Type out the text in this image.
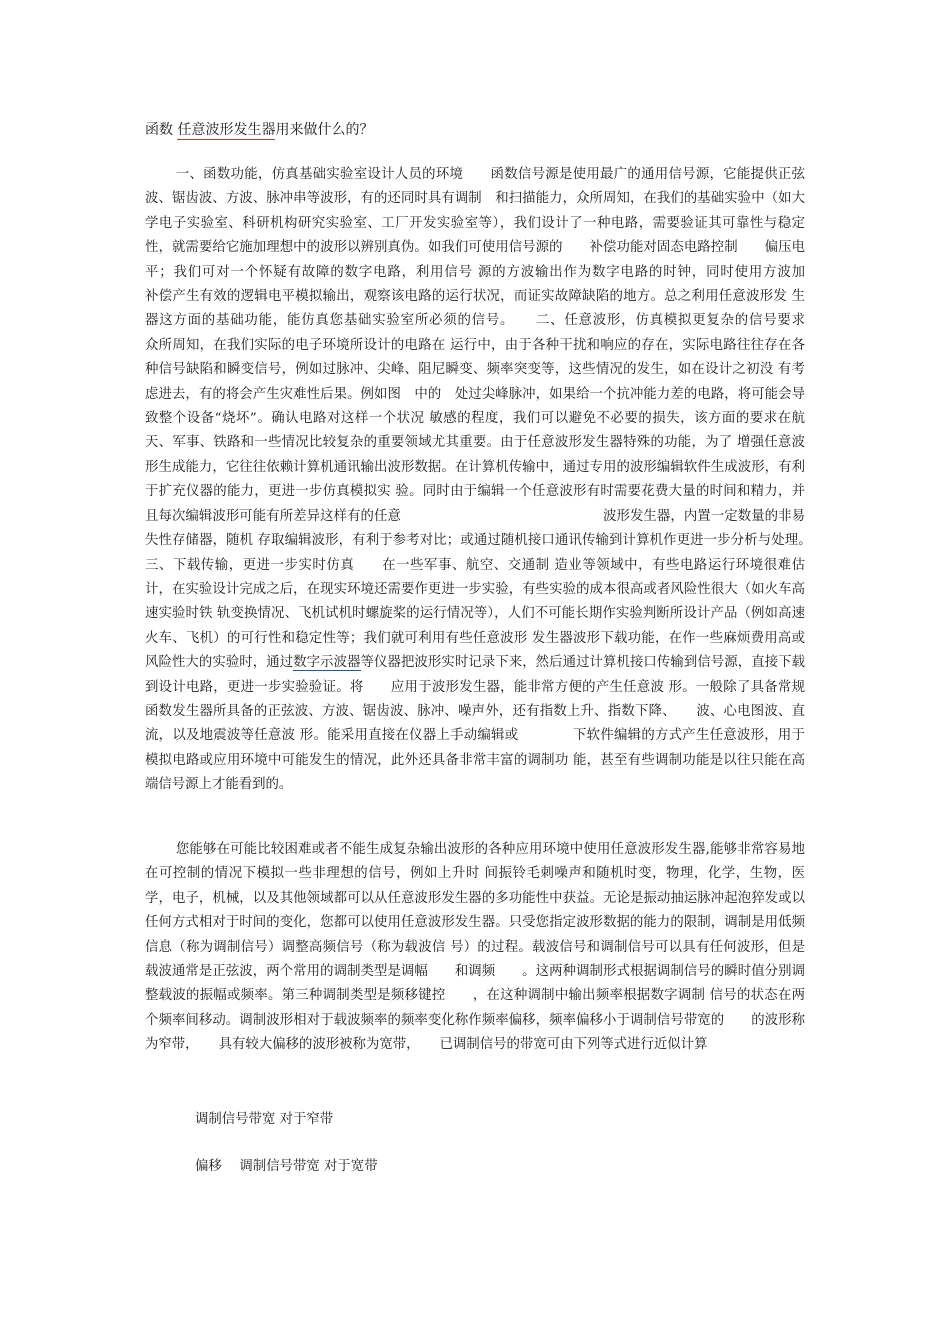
函数 任意波形发生器用来做什么的？

一、函数功能，仿真基础实验室设计人员的环境　　函数信号源是使用最广的通用信号源，它能提供正弦波、锯齿波、方波、脉冲串等波形，有的还同时具有调制　和扫描能力，众所周知，在我们的基础实验中（如大学电子实验室、科研机构研究实验室、工厂开发实验室等），我们设计了一种电路，需要验证其可靠性与稳定　性，就需要给它施加理想中的波形以辨别真伪。如我们可使用信号源的　　补偿功能对固态电路控制　　偏压电平；我们可对一个怀疑有故障的数字电路，利用信号 源的方波输出作为数字电路的时钟，同时使用方波加　　补偿产生有效的逻辑电平模拟输出，观察该电路的运行状况，而证实故障缺陷的地方。总之利用任意波形发 生器这方面的基础功能，能仿真您基础实验室所必须的信号。　　二、任意波形，仿真模拟更复杂的信号要求　　众所周知，在我们实际的电子环境所设计的电路在 运行中，由于各种干扰和响应的存在，实际电路往往存在各种信号缺陷和瞬变信号，例如过脉冲、尖峰、阻尼瞬变、频率突变等，这些情况的发生，如在设计之初没 有考虑进去，有的将会产生灾难性后果。例如图　中的　处过尖峰脉冲，如果给一个抗冲能力差的电路，将可能会导致整个设备“烧坏”。确认电路对这样一个状况 敏感的程度，我们可以避免不必要的损失，该方面的要求在航天、军事、铁路和一些情况比较复杂的重要领域尤其重要。由于任意波形发生器特殊的功能，为了 增强任意波形生成能力，它往往依赖计算机通讯输出波形数据。在计算机传输中，通过专用的波形编辑软件生成波形，有利于扩充仪器的能力，更进一步仿真模拟实 验。同时由于编辑一个任意波形有时需要花费大量的时间和精力，并且每次编辑波形可能有所差异这样有的任意　　　　　　　　　　　　　　　波形发生器，内置一定数量的非易失性存储器，随机 存取编辑波形，有利于参考对比；或通过随机接口通讯传输到计算机作更进一步分析与处理。　　三、下载传输，更进一步实时仿真　　在一些军事、航空、交通制 造业等领域中，有些电路运行环境很难估计，在实验设计完成之后，在现实环境还需要作更进一步实验，有些实验的成本很高或者风险性很大（如火车高速实验时铁 轨变换情况、飞机试机时螺旋桨的运行情况等），人们不可能长期作实验判断所设计产品（例如高速火车、飞机）的可行性和稳定性等；我们就可利用有些任意波形 发生器波形下载功能，在作一些麻烦费用高或风险性大的实验时，通过数字示波器等仪器把波形实时记录下来，然后通过计算机接口传输到信号源，直接下载到设计电路，更进一步实验验证。将　　应用于波形发生器，能非常方便的产生任意波 形。一般除了具备常规函数发生器所具备的正弦波、方波、锯齿波、脉冲、噪声外，还有指数上升、指数下降、　　波、心电图波、直流，以及地震波等任意波 形。能采用直接在仪器上手动编辑或　　　　下软件编辑的方式产生任意波形，用于模拟电路或应用环境中可能发生的情况，此外还具备非常丰富的调制功 能，甚至有些调制功能是以往只能在高端信号源上才能看到的。

您能够在可能比较困难或者不能生成复杂输出波形的各种应用环境中使用任意波形发生器,能够非常容易地在可控制的情况下模拟一些非理想的信号，例如上升时 间振铃毛刺噪声和随机时变，物理，化学，生物，医学，电子，机械，以及其他领域都可以从任意波形发生器的多功能性中获益。无论是振动抽运脉冲起泡猝发或以 任何方式相对于时间的变化，您都可以使用任意波形发生器。只受您指定波形数据的能力的限制，调制是用低频信息（称为调制信号）调整高频信号（称为载波信 号）的过程。载波信号和调制信号可以具有任何波形，但是载波通常是正弦波，两个常用的调制类型是调幅　　和调频　　。这两种调制形式根据调制信号的瞬时值分别调整载波的振幅或频率。第三种调制类型是频移键控　　，在这种调制中输出频率根据数字调制 信号的状态在两个频率间移动。调制波形相对于载波频率的频率变化称作频率偏移，频率偏移小于调制信号带宽的　　的波形称为窄带，　　具有较大偏移的波形被称为宽带，　　已调制信号的带宽可由下列等式进行近似计算

调制信号带宽 对于窄带
偏移　 调制信号带宽 对于宽带
